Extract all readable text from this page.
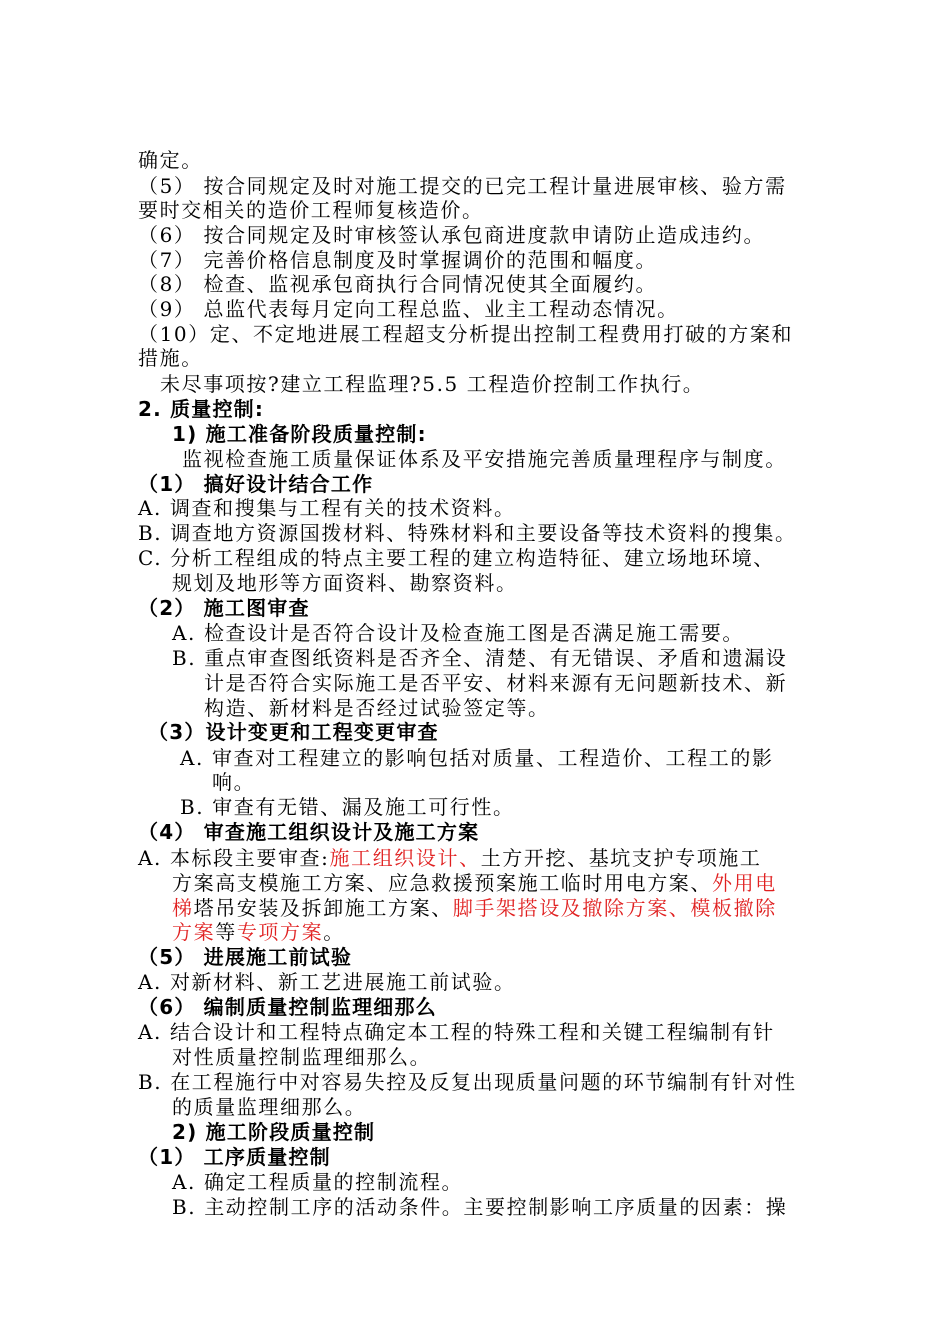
确定。
（5） 按合同规定及时对施工提交的已完工程计量进展审核、验方需
要时交相关的造价工程师复核造价。
（6） 按合同规定及时审核签认承包商进度款申请防止造成违约。
（7） 完善价格信息制度及时掌握调价的范围和幅度。
（8） 检查、监视承包商执行合同情况使其全面履约。
（9） 总监代表每月定向工程总监、业主工程动态情况。
（10）定、不定地进展工程超支分析提出控制工程费用打破的方案和
措施。
未尽事项按?建立工程监理?5.5 工程造价控制工作执行。
2. 质量控制:
1) 施工准备阶段质量控制:
监视检查施工质量保证体系及平安措施完善质量理程序与制度。
（1） 搞好设计结合工作
A. 调查和搜集与工程有关的技术资料。
B. 调查地方资源国拨材料、特殊材料和主要设备等技术资料的搜集。
C. 分析工程组成的特点主要工程的建立构造特征、建立场地环境、
规划及地形等方面资料、勘察资料。
（2） 施工图审查
A. 检查设计是否符合设计及检查施工图是否满足施工需要。
B. 重点审查图纸资料是否齐全、清楚、有无错误、矛盾和遗漏设
计是否符合实际施工是否平安、材料来源有无问题新技术、新
构造、新材料是否经过试验签定等。
（3）设计变更和工程变更审查
A. 审查对工程建立的影响包括对质量、工程造价、工程工的影
响。
B. 审查有无错、漏及施工可行性。
（4） 审查施工组织设计及施工方案
A. 本标段主要审查:施工组织设计、土方开挖、基坑支护专项施工
方案高支模施工方案、应急救援预案施工临时用电方案、外用电
梯塔吊安装及拆卸施工方案、脚手架搭设及撤除方案、模板撤除
方案等专项方案。
（5） 进展施工前试验
A. 对新材料、新工艺进展施工前试验。
（6） 编制质量控制监理细那么
A. 结合设计和工程特点确定本工程的特殊工程和关键工程编制有针
对性质量控制监理细那么。
B. 在工程施行中对容易失控及反复出现质量问题的环节编制有针对性
的质量监理细那么。
2) 施工阶段质量控制
（1） 工序质量控制
A. 确定工程质量的控制流程。
B. 主动控制工序的活动条件。主要控制影响工序质量的因素：操
